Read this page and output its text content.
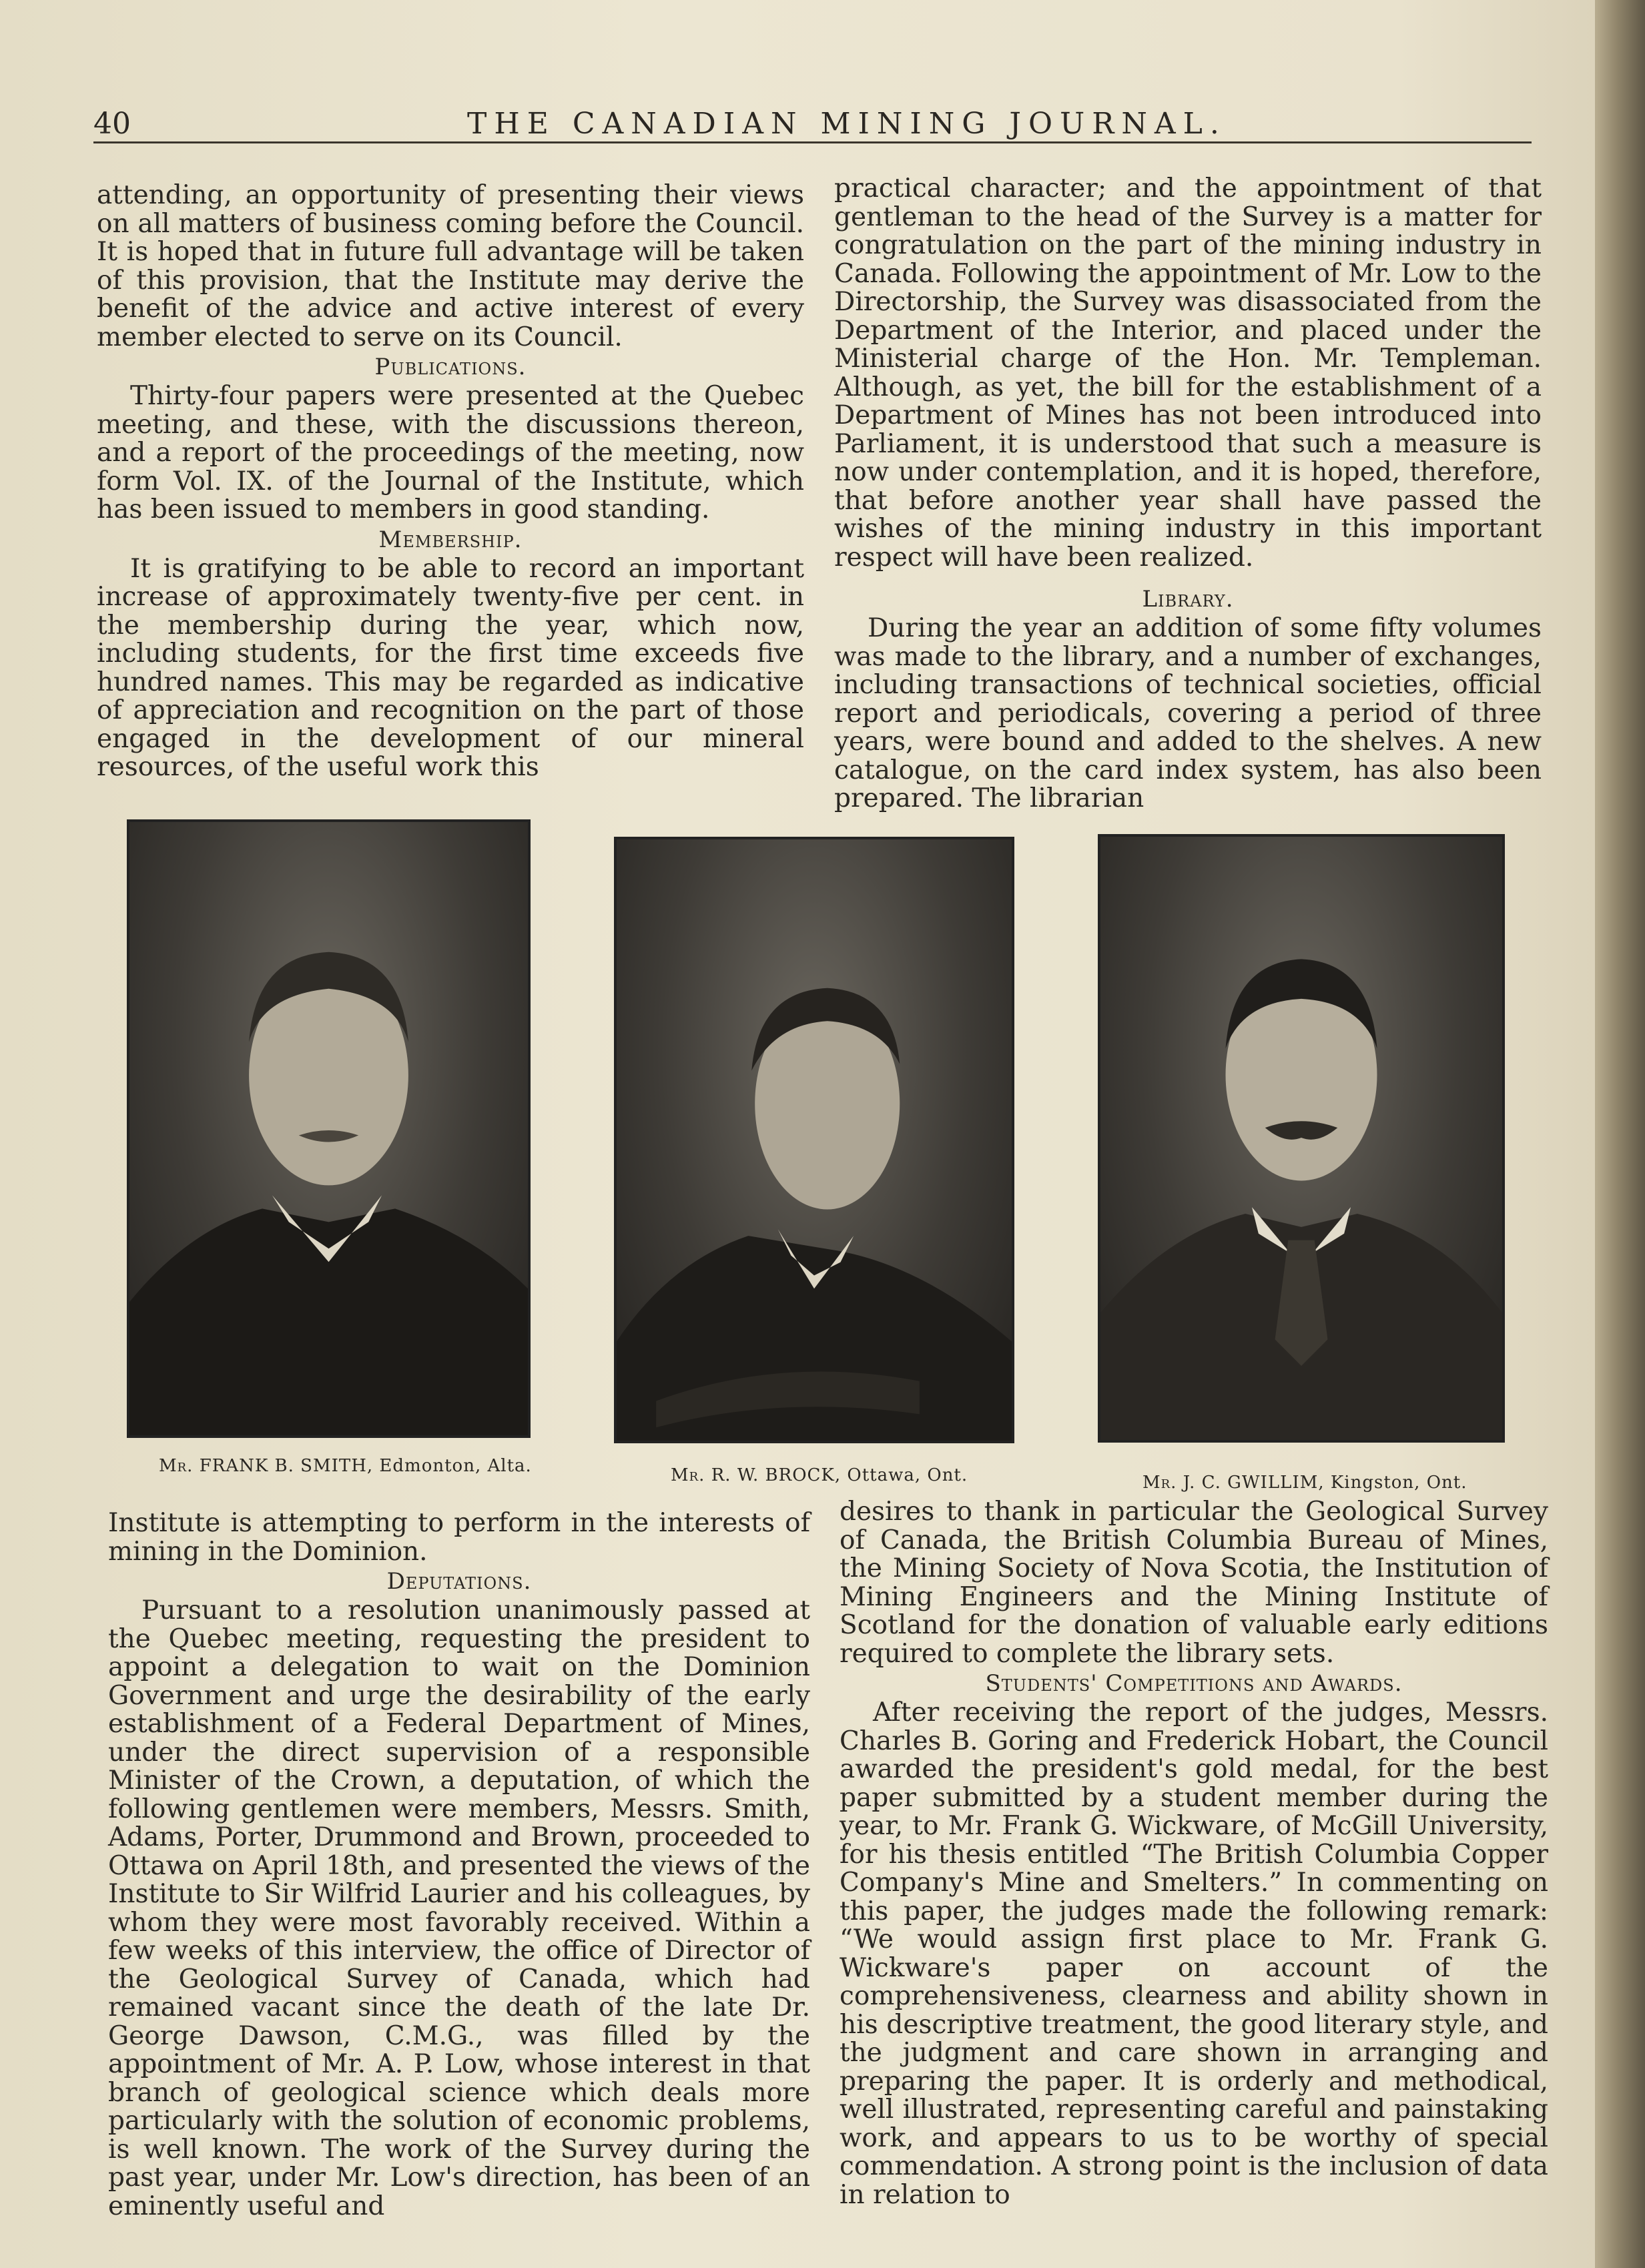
40	THE CANADIAN MINING JOURNAL.

attending, an opportunity of presenting their views on all matters of business coming before the Council. It is hoped that in future full advantage will be taken of this provision, that the Institute may derive the benefit of the advice and active interest of every member elected to serve on its Council.

Publications.

Thirty-four papers were presented at the Quebec meeting, and these, with the discussions thereon, and a report of the proceedings of the meeting, now form Vol. IX. of the Journal of the Institute, which has been issued to members in good standing.

Membership.

It is gratifying to be able to record an important increase of approximately twenty-five per cent. in the membership during the year, which now, including students, for the first time exceeds five hundred names. This may be regarded as indicative of appreciation and recognition on the part of those engaged in the development of our mineral resources, of the useful work this

practical character; and the appointment of that gentleman to the head of the Survey is a matter for congratulation on the part of the mining industry in Canada. Following the appointment of Mr. Low to the Directorship, the Survey was disassociated from the Department of the Interior, and placed under the Ministerial charge of the Hon. Mr. Templeman. Although, as yet, the bill for the establishment of a Department of Mines has not been introduced into Parliament, it is understood that such a measure is now under contemplation, and it is hoped, therefore, that before another year shall have passed the wishes of the mining industry in this important respect will have been realized.

Library.

During the year an addition of some fifty volumes was made to the library, and a number of exchanges, including transactions of technical societies, official report and periodicals, covering a period of three years, were bound and added to the shelves. A new catalogue, on the card index system, has also been prepared. The librarian

Mr. FRANK B. SMITH, Edmonton, Alta.	Mr. R. W. BROCK, Ottawa, Ont.	Mr. J. C. GWILLIM, Kingston, Ont.

Institute is attempting to perform in the interests of mining in the Dominion.

Deputations.

Pursuant to a resolution unanimously passed at the Quebec meeting, requesting the president to appoint a delegation to wait on the Dominion Government and urge the desirability of the early establishment of a Federal Department of Mines, under the direct supervision of a responsible Minister of the Crown, a deputation, of which the following gentlemen were members, Messrs. Smith, Adams, Porter, Drummond and Brown, proceeded to Ottawa on April 18th, and presented the views of the Institute to Sir Wilfrid Laurier and his colleagues, by whom they were most favorably received. Within a few weeks of this interview, the office of Director of the Geological Survey of Canada, which had remained vacant since the death of the late Dr. George Dawson, C.M.G., was filled by the appointment of Mr. A. P. Low, whose interest in that branch of geological science which deals more particularly with the solution of economic problems, is well known. The work of the Survey during the past year, under Mr. Low's direction, has been of an eminently useful and

desires to thank in particular the Geological Survey of Canada, the British Columbia Bureau of Mines, the Mining Society of Nova Scotia, the Institution of Mining Engineers and the Mining Institute of Scotland for the donation of valuable early editions required to complete the library sets.

Students' Competitions and Awards.

After receiving the report of the judges, Messrs. Charles B. Goring and Frederick Hobart, the Council awarded the president's gold medal, for the best paper submitted by a student member during the year, to Mr. Frank G. Wickware, of McGill University, for his thesis entitled “The British Columbia Copper Company's Mine and Smelters.” In commenting on this paper, the judges made the following remark: “We would assign first place to Mr. Frank G. Wickware's paper on account of the comprehensiveness, clearness and ability shown in his descriptive treatment, the good literary style, and the judgment and care shown in arranging and preparing the paper. It is orderly and methodical, well illustrated, representing careful and painstaking work, and appears to us to be worthy of special commendation. A strong point is the inclusion of data in relation to
